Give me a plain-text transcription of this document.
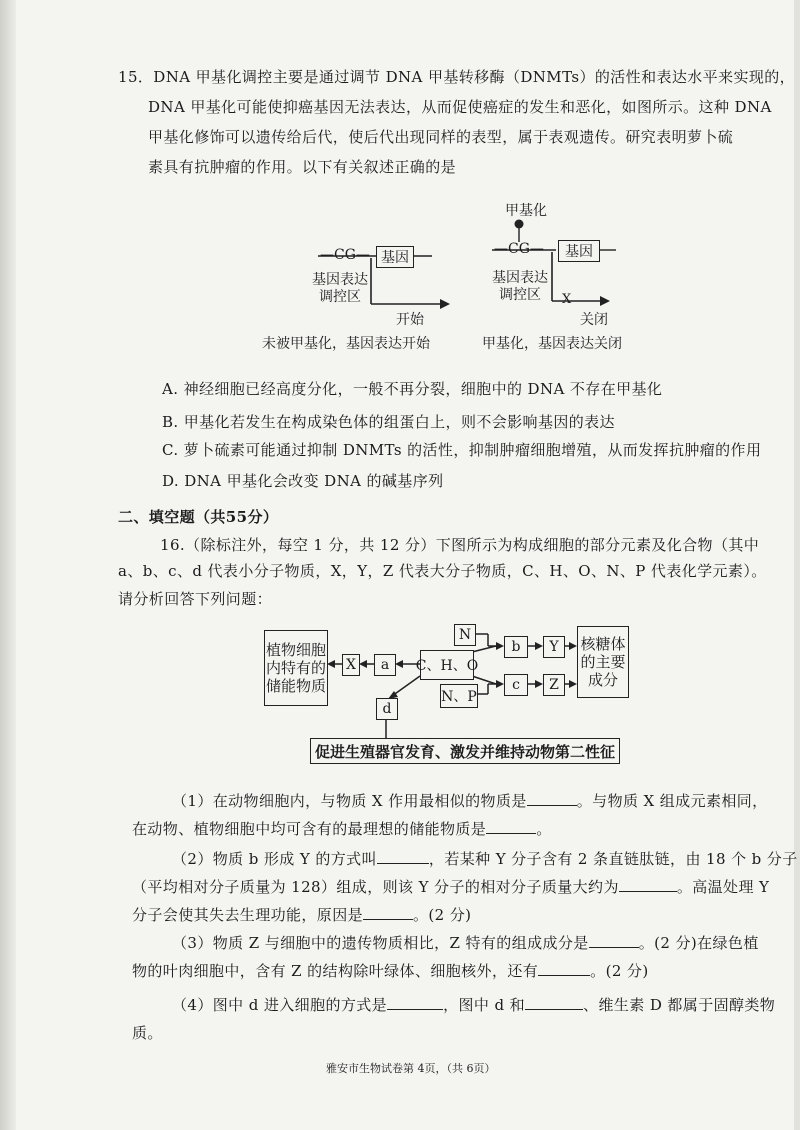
15．DNA 甲基化调控主要是通过调节 DNA 甲基转移酶（DNMTs）的活性和表达水平来实现的，
DNA 甲基化可能使抑癌基因无法表达，从而促使癌症的发生和恶化，如图所示。这种 DNA
甲基化修饰可以遗传给后代，使后代出现同样的表型，属于表观遗传。研究表明萝卜硫
素具有抗肿瘤的作用。以下有关叙述正确的是
—CG— 基因
基因表达调控区
开始
未被甲基化，基因表达开始
甲基化
—CG—	基因
基因表达调控区	X
关闭
甲基化，基因表达关闭
A. 神经细胞已经高度分化，一般不再分裂，细胞中的 DNA 不存在甲基化
B. 甲基化若发生在构成染色体的组蛋白上，则不会影响基因的表达
C. 萝卜硫素可能通过抑制 DNMTs 的活性，抑制肿瘤细胞增殖，从而发挥抗肿瘤的作用
D. DNA 甲基化会改变 DNA 的碱基序列
二、填空题（共55分）
16.（除标注外，每空 1 分，共 12 分）下图所示为构成细胞的部分元素及化合物（其中
a、b、c、d 代表小分子物质，X，Y，Z 代表大分子物质，C、H、O、N、P 代表化学元素）。
请分析回答下列问题：
植物细胞内特有的储能物质
X	a	C、H、O
N
N、P
b
c
Y
Z
核糖体的主要成分
d
促进生殖器官发育、激发并维持动物第二性征
（1）在动物细胞内，与物质 X 作用最相似的物质是	。与物质 X 组成元素相同，
在动物、植物细胞中均可含有的最理想的储能物质是	。
（2）物质 b 形成 Y 的方式叫	，若某种 Y 分子含有 2 条直链肽链，由 18 个 b 分子
（平均相对分子质量为 128）组成，则该 Y 分子的相对分子质量大约为	。高温处理 Y
分子会使其失去生理功能，原因是	。(2 分)
（3）物质 Z 与细胞中的遗传物质相比，Z 特有的组成成分是	。(2 分)在绿色植
物的叶肉细胞中，含有 Z 的结构除叶绿体、细胞核外，还有	。(2 分)
（4）图中 d 进入细胞的方式是	，图中 d 和	、维生素 D 都属于固醇类物
质。
雅安市生物试卷第 4页，（共 6页）
